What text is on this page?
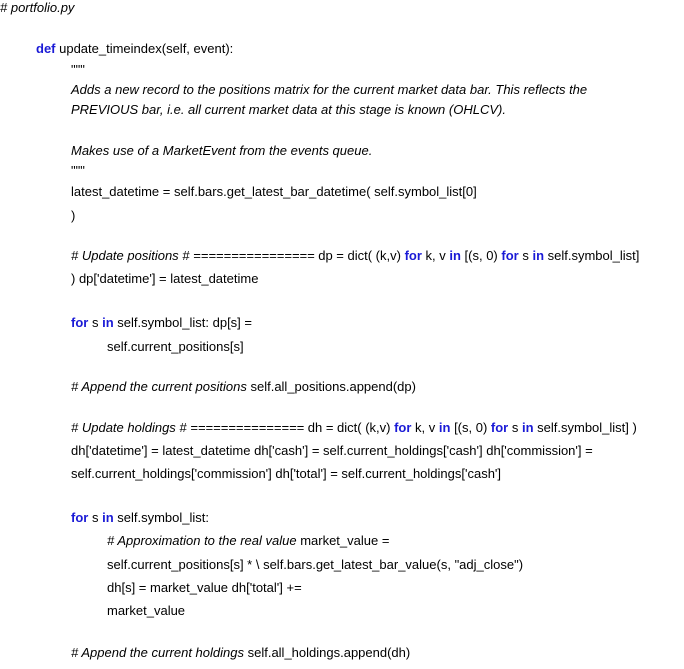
# portfolio.py
def update_timeindex(self, event):
"""
Adds a new record to the positions matrix for the current market data bar. This reflects the
PREVIOUS bar, i.e. all current market data at this stage is known (OHLCV).
Makes use of a MarketEvent from the events queue.
"""
latest_datetime = self.bars.get_latest_bar_datetime( self.symbol_list[0]
)
# Update positions # ================ dp = dict( (k,v) for k, v in [(s, 0) for s in self.symbol_list]
) dp['datetime'] = latest_datetime
for s in self.symbol_list: dp[s] =
self.current_positions[s]
# Append the current positions self.all_positions.append(dp)
# Update holdings # =============== dh = dict( (k,v) for k, v in [(s, 0) for s in self.symbol_list] )
dh['datetime'] = latest_datetime dh['cash'] = self.current_holdings['cash'] dh['commission'] =
self.current_holdings['commission'] dh['total'] = self.current_holdings['cash']
for s in self.symbol_list:
# Approximation to the real value market_value =
self.current_positions[s] * \ self.bars.get_latest_bar_value(s, "adj_close")
dh[s] = market_value dh['total'] +=
market_value
# Append the current holdings self.all_holdings.append(dh)
